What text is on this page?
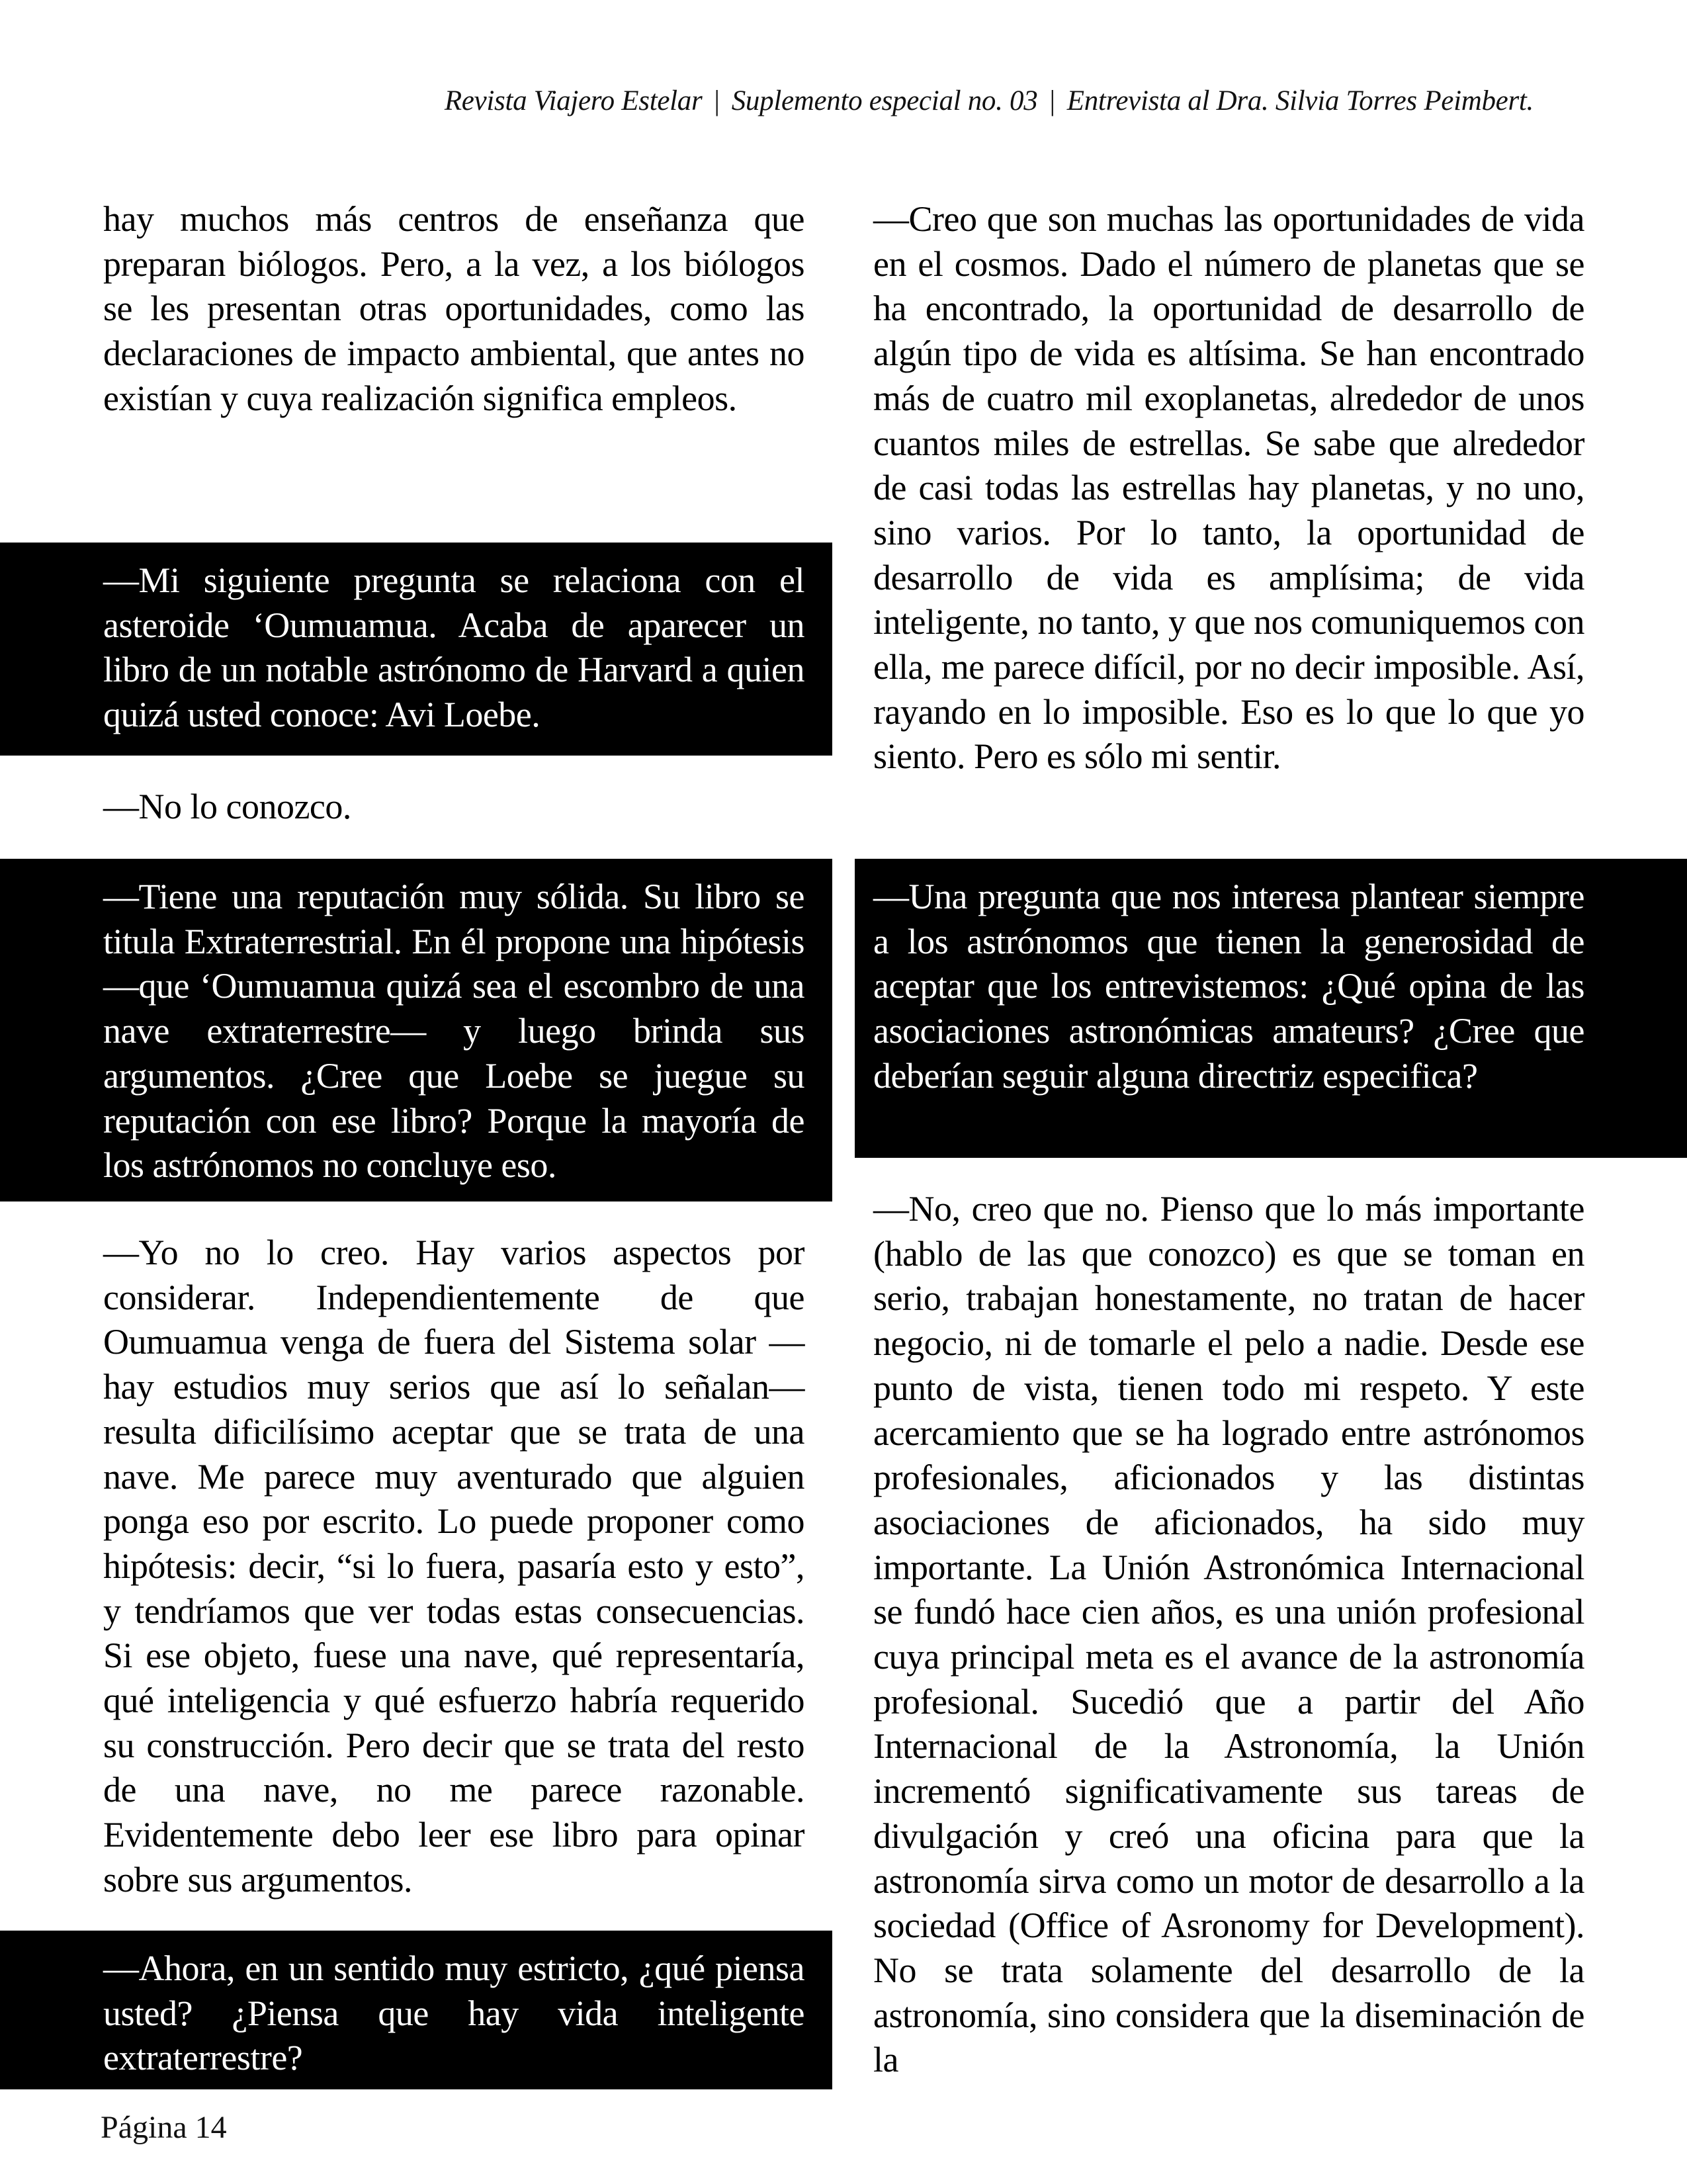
Revista Viajero Estelar | Suplemento especial no. 03 | Entrevista al Dra. Silvia Torres Peimbert.
hay muchos más centros de enseñanza que preparan biólogos. Pero, a la vez, a los biólogos se les presentan otras oportunidades, como las declaraciones de impacto ambiental, que antes no existían y cuya realización significa empleos.
—Mi siguiente pregunta se relaciona con el asteroide ‘Oumuamua. Acaba de aparecer un libro de un notable astrónomo de Harvard a quien quizá usted conoce: Avi Loebe.
—No lo conozco.
—Tiene una reputación muy sólida. Su libro se titula Extraterrestrial. En él propone una hipótesis —que ‘Oumuamua quizá sea el escombro de una nave extraterrestre— y luego brinda sus argumentos. ¿Cree que Loebe se juegue su reputación con ese libro? Porque la mayoría de los astrónomos no concluye eso.
—Yo no lo creo. Hay varios aspectos por considerar. Independientemente de que Oumuamua venga de fuera del Sistema solar —hay estudios muy serios que así lo señalan— resulta dificilísimo aceptar que se trata de una nave. Me parece muy aventurado que alguien ponga eso por escrito. Lo puede proponer como hipótesis: decir, “si lo fuera, pasaría esto y esto”, y tendríamos que ver todas estas consecuencias. Si ese objeto, fuese una nave, qué representaría, qué inteligencia y qué esfuerzo habría requerido su construcción. Pero decir que se trata del resto de una nave, no me parece razonable. Evidentemente debo leer ese libro para opinar sobre sus argumentos.
—Ahora, en un sentido muy estricto, ¿qué piensa usted? ¿Piensa que hay vida inteligente extraterrestre?
—Creo que son muchas las oportunidades de vida en el cosmos. Dado el número de planetas que se ha encontrado, la oportunidad de desarrollo de algún tipo de vida es altísima. Se han encontrado más de cuatro mil exoplanetas, alrededor de unos cuantos miles de estrellas. Se sabe que alrededor de casi todas las estrellas hay planetas, y no uno, sino varios. Por lo tanto, la oportunidad de desarrollo de vida es amplísima; de vida inteligente, no tanto, y que nos comuniquemos con ella, me parece difícil, por no decir imposible. Así, rayando en lo imposible. Eso es lo que lo que yo siento. Pero es sólo mi sentir.
—Una pregunta que nos interesa plantear siempre a los astrónomos que tienen la generosidad de aceptar que los entrevistemos: ¿Qué opina de las asociaciones astronómicas amateurs? ¿Cree que deberían seguir alguna directriz especifica?
—No, creo que no. Pienso que lo más importante (hablo de las que conozco) es que se toman en serio, trabajan honestamente, no tratan de hacer negocio, ni de tomarle el pelo a nadie. Desde ese punto de vista, tienen todo mi respeto. Y este acercamiento que se ha logrado entre astrónomos profesionales, aficionados y las distintas asociaciones de aficionados, ha sido muy importante. La Unión Astronómica Internacional se fundó hace cien años, es una unión profesional cuya principal meta es el avance de la astronomía profesional. Sucedió que a partir del Año Internacional de la Astronomía, la Unión incrementó significativamente sus tareas de divulgación y creó una oficina para que la astronomía sirva como un motor de desarrollo a la sociedad (Office of Asronomy for Development). No se trata solamente del desarrollo de la astronomía, sino considera que la diseminación de la
Página 14
